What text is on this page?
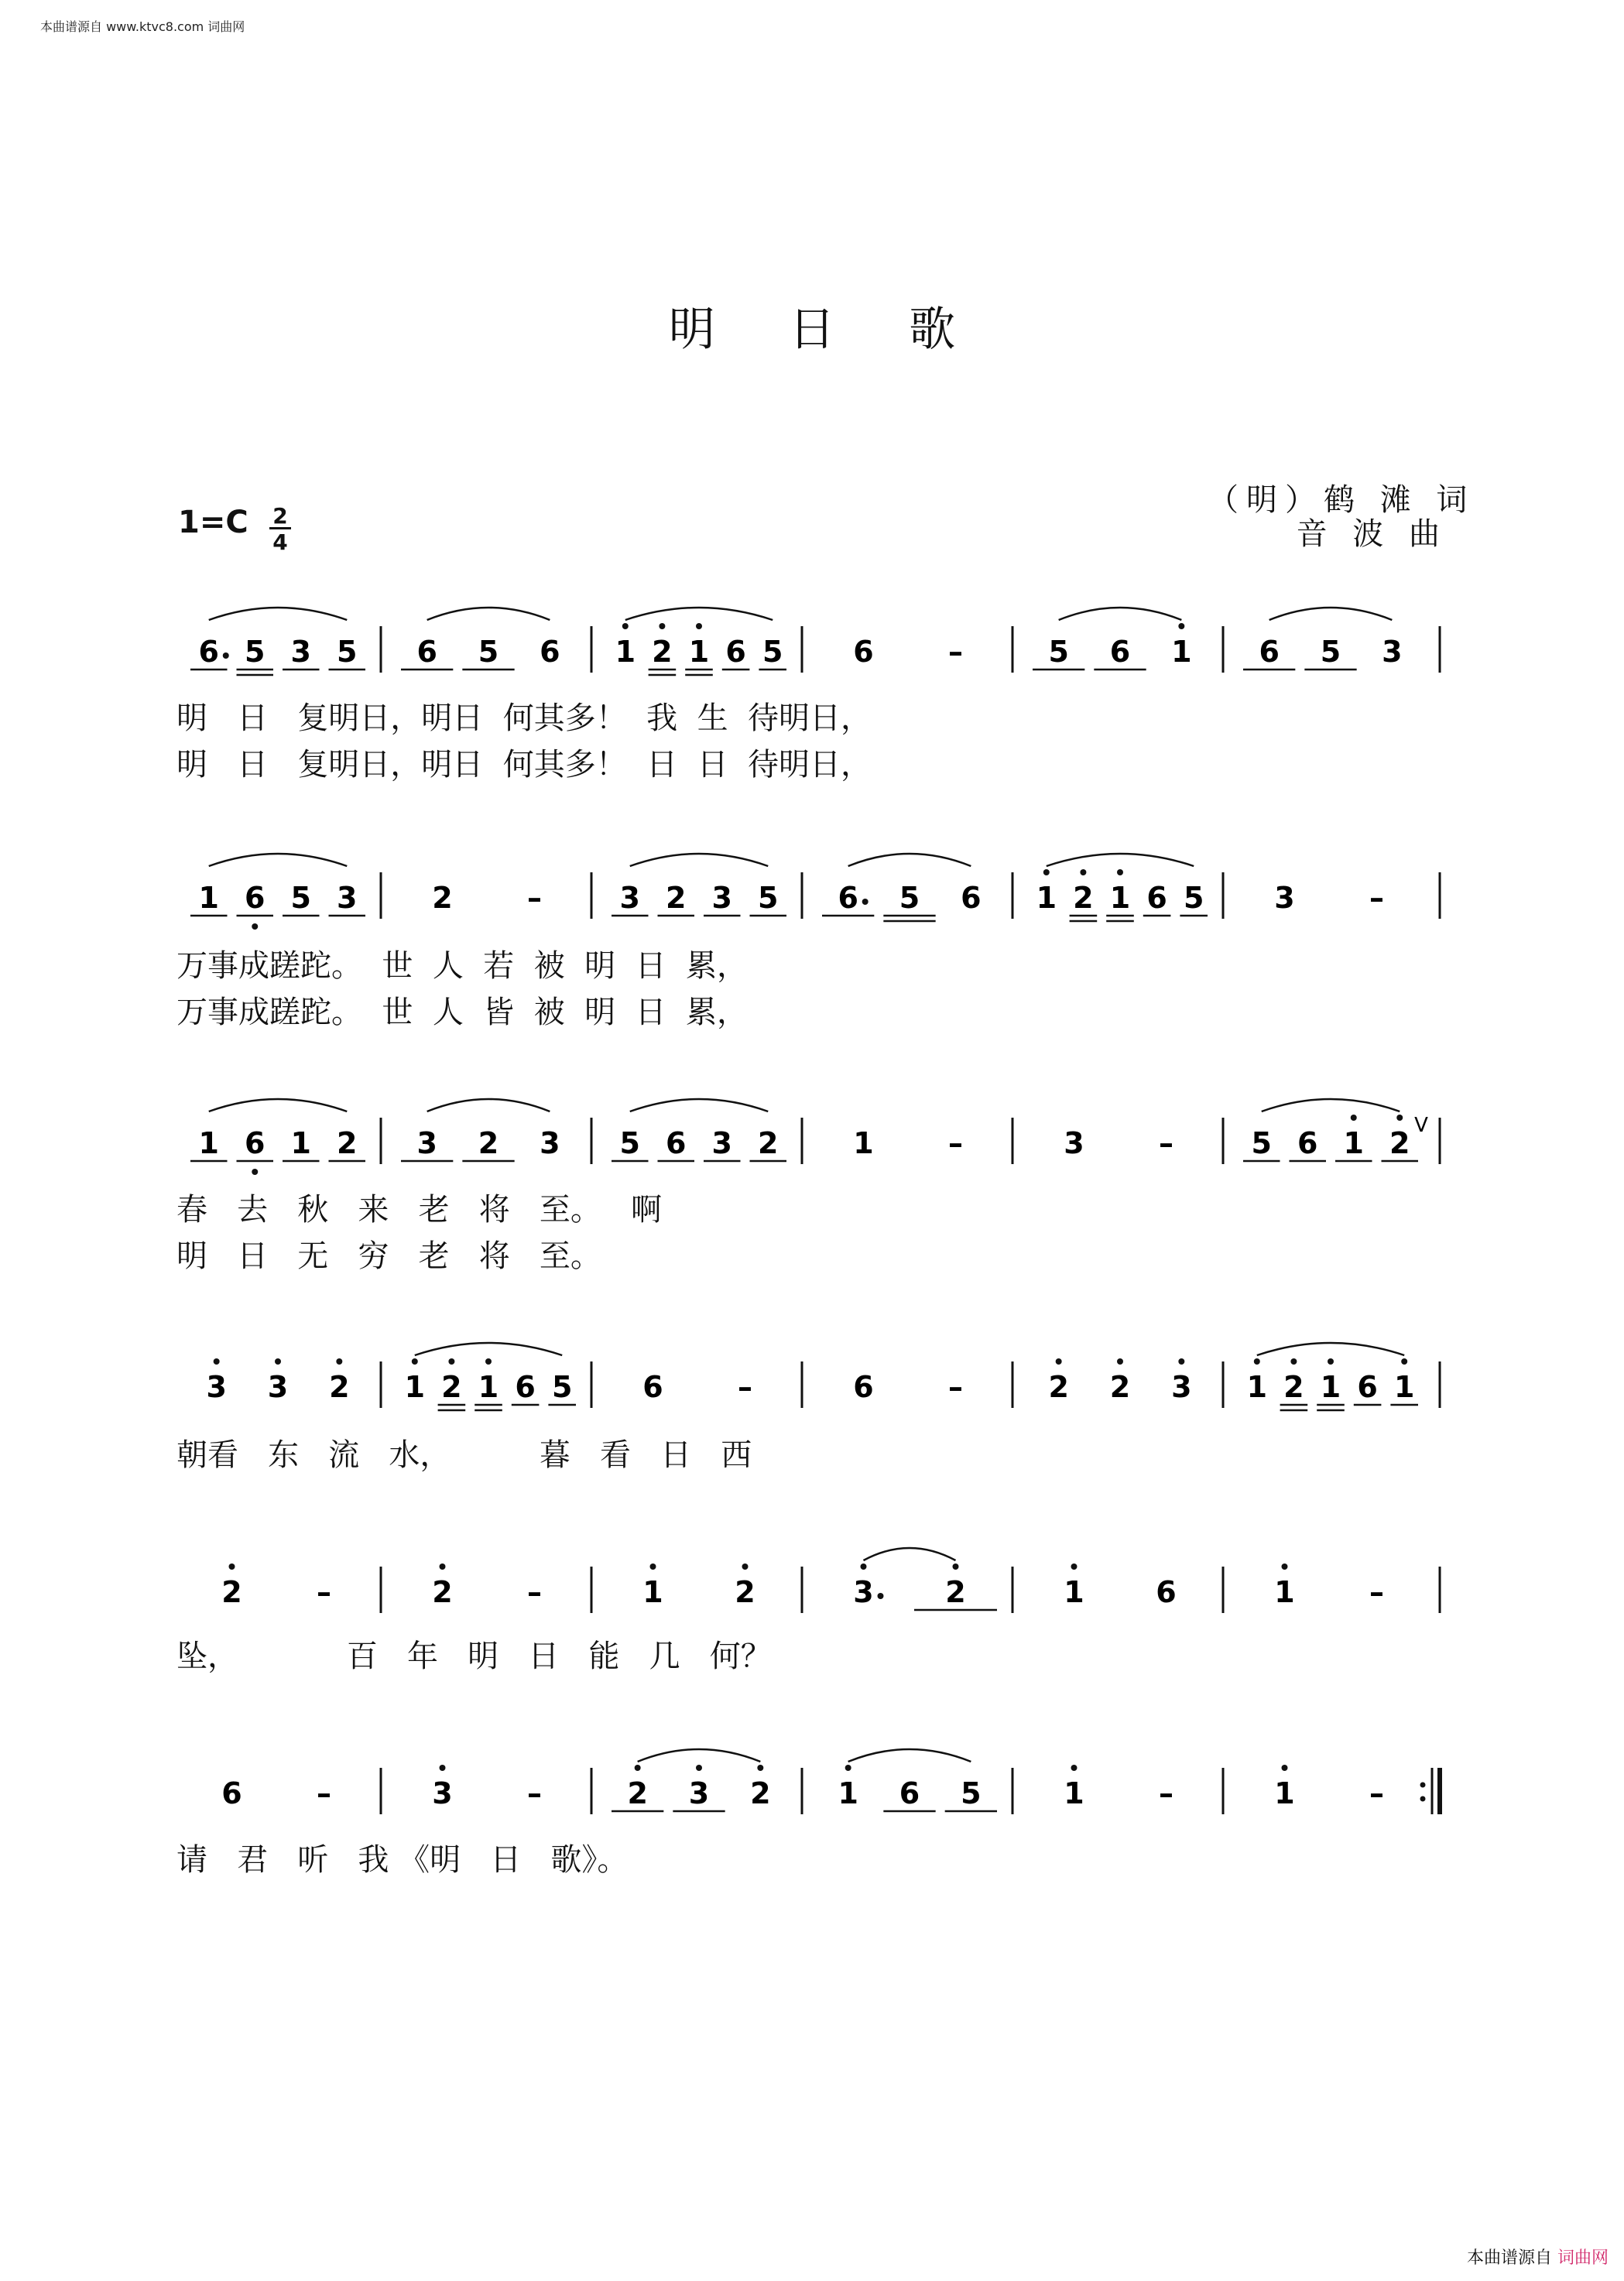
本曲谱源自 www.ktvc8.com 词曲网
明 日 歌
（明）鹤 滩 词
音 波 曲
1=C 2
4
6 5 3 5 6 5 6 1 2 1 6 5 6	–	5 6 1 6 5 3
1 6 5 3	2	–	3 2 3 5 6 5 6 1 2 1 6 5 3	–
1 6 1 2 3 2 3 5 6 3 2	1	–	3	–	5 6 1 2
V
3 3 2 1 2 1 6 5 6	–	6	–	2 2 3 1 2 1 6 1
2	–	2	–	1 2	3 2	1 6	1	–
6	–	3	–	2 3 2 1 6 5	1	–	1	–
明   日   复明日，明日  何其多！  我  生  待明日，
明   日   复明日，明日  何其多！  日  日  待明日，
万事成蹉跎。  世  人  若  被  明  日  累，
万事成蹉跎。  世  人  皆  被  明  日  累，
春   去   秋   来   老   将   至。   啊
明   日   无   穷   老   将   至。
朝看   东   流   水，         暮   看   日   西
坠，           百   年   明   日   能   几   何？
请   君   听   我 《明   日   歌》。
本曲谱源自 词曲网
